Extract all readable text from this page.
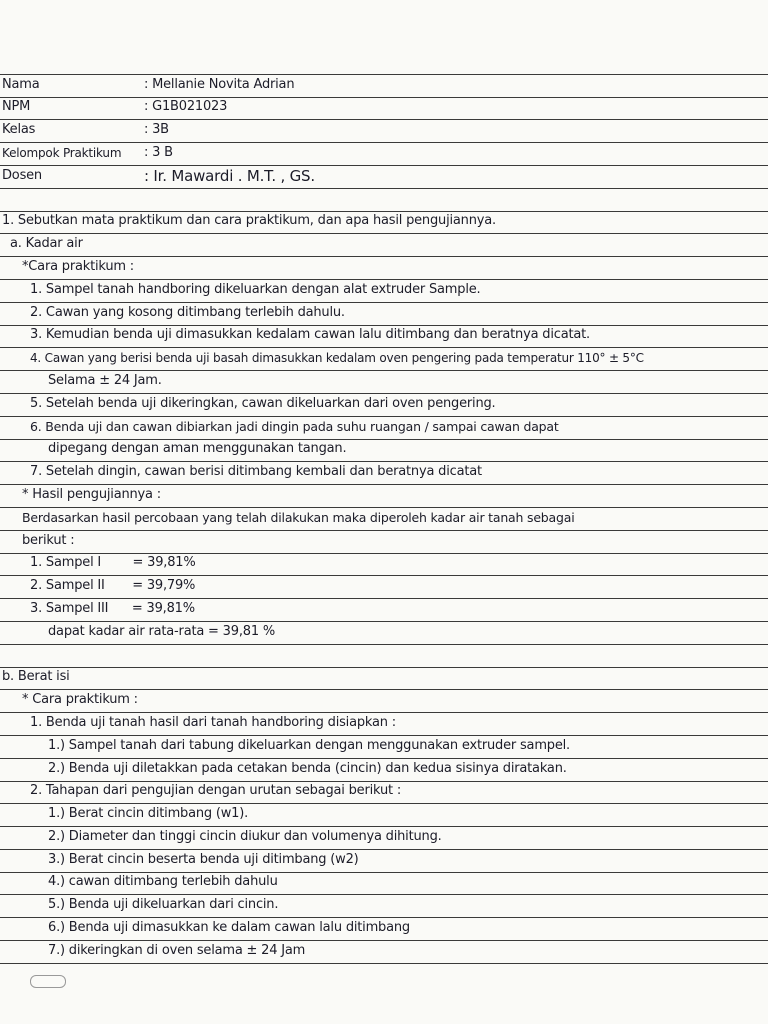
Nama	: Mellanie Novita Adrian
NPM	: G1B021023
Kelas	: 3B
Kelompok Praktikum : 3 B
Dosen	: Ir. Mawardi . M.T. , GS.
1. Sebutkan mata praktikum dan cara praktikum, dan apa hasil pengujiannya.
a. Kadar air
*Cara praktikum :
1. Sampel tanah handboring dikeluarkan dengan alat extruder Sample.
2. Cawan yang kosong ditimbang terlebih dahulu.
3. Kemudian benda uji dimasukkan kedalam cawan lalu ditimbang dan beratnya dicatat.
4. Cawan yang berisi benda uji basah dimasukkan kedalam oven pengering pada temperatur 110° ± 5°C
Selama ± 24 Jam.
5. Setelah benda uji dikeringkan, cawan dikeluarkan dari oven pengering.
6. Benda uji dan cawan dibiarkan jadi dingin pada suhu ruangan / sampai cawan dapat
dipegang dengan aman menggunakan tangan.
7. Setelah dingin, cawan berisi ditimbang kembali dan beratnya dicatat
* Hasil pengujiannya :
Berdasarkan hasil percobaan yang telah dilakukan maka diperoleh kadar air tanah sebagai
berikut :
1. Sampel I        = 39,81%
2. Sampel II       = 39,79%
3. Sampel III      = 39,81%
dapat kadar air rata-rata = 39,81 %
b. Berat isi
* Cara praktikum :
1. Benda uji tanah hasil dari tanah handboring disiapkan :
1.) Sampel tanah dari tabung dikeluarkan dengan menggunakan extruder sampel.
2.) Benda uji diletakkan pada cetakan benda (cincin) dan kedua sisinya diratakan.
2. Tahapan dari pengujian dengan urutan sebagai berikut :
1.) Berat cincin ditimbang (w1).
2.) Diameter dan tinggi cincin diukur dan volumenya dihitung.
3.) Berat cincin beserta benda uji ditimbang (w2)
4.) cawan ditimbang terlebih dahulu
5.) Benda uji dikeluarkan dari cincin.
6.) Benda uji dimasukkan ke dalam cawan lalu ditimbang
7.) dikeringkan di oven selama ± 24 Jam
